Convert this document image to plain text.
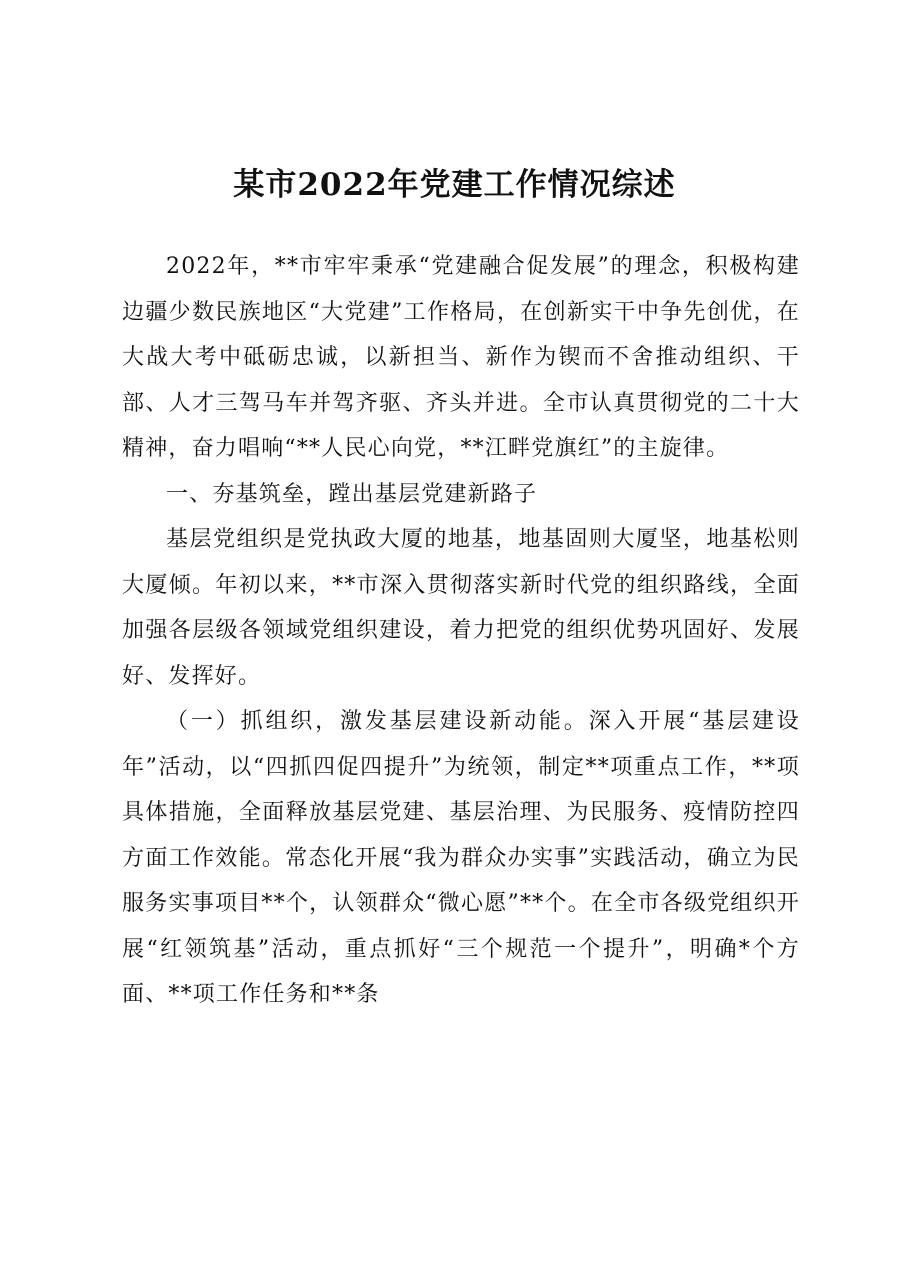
某市2022年党建工作情况综述

2022年，**市牢牢秉承“党建融合促发展”的理念，积极构建边疆少数民族地区“大党建”工作格局，在创新实干中争先创优，在大战大考中砥砺忠诚，以新担当、新作为锲而不舍推动组织、干部、人才三驾马车并驾齐驱、齐头并进。全市认真贯彻党的二十大精神，奋力唱响“**人民心向党，**江畔党旗红”的主旋律。

一、夯基筑垒，蹚出基层党建新路子

基层党组织是党执政大厦的地基，地基固则大厦坚，地基松则大厦倾。年初以来，**市深入贯彻落实新时代党的组织路线，全面加强各层级各领域党组织建设，着力把党的组织优势巩固好、发展好、发挥好。

（一）抓组织，激发基层建设新动能。深入开展“基层建设年”活动，以“四抓四促四提升”为统领，制定**项重点工作，**项具体措施，全面释放基层党建、基层治理、为民服务、疫情防控四方面工作效能。常态化开展“我为群众办实事”实践活动，确立为民服务实事项目**个，认领群众“微心愿”**个。在全市各级党组织开展“红领筑基”活动，重点抓好“三个规范一个提升”，明确*个方面、**项工作任务和**条
